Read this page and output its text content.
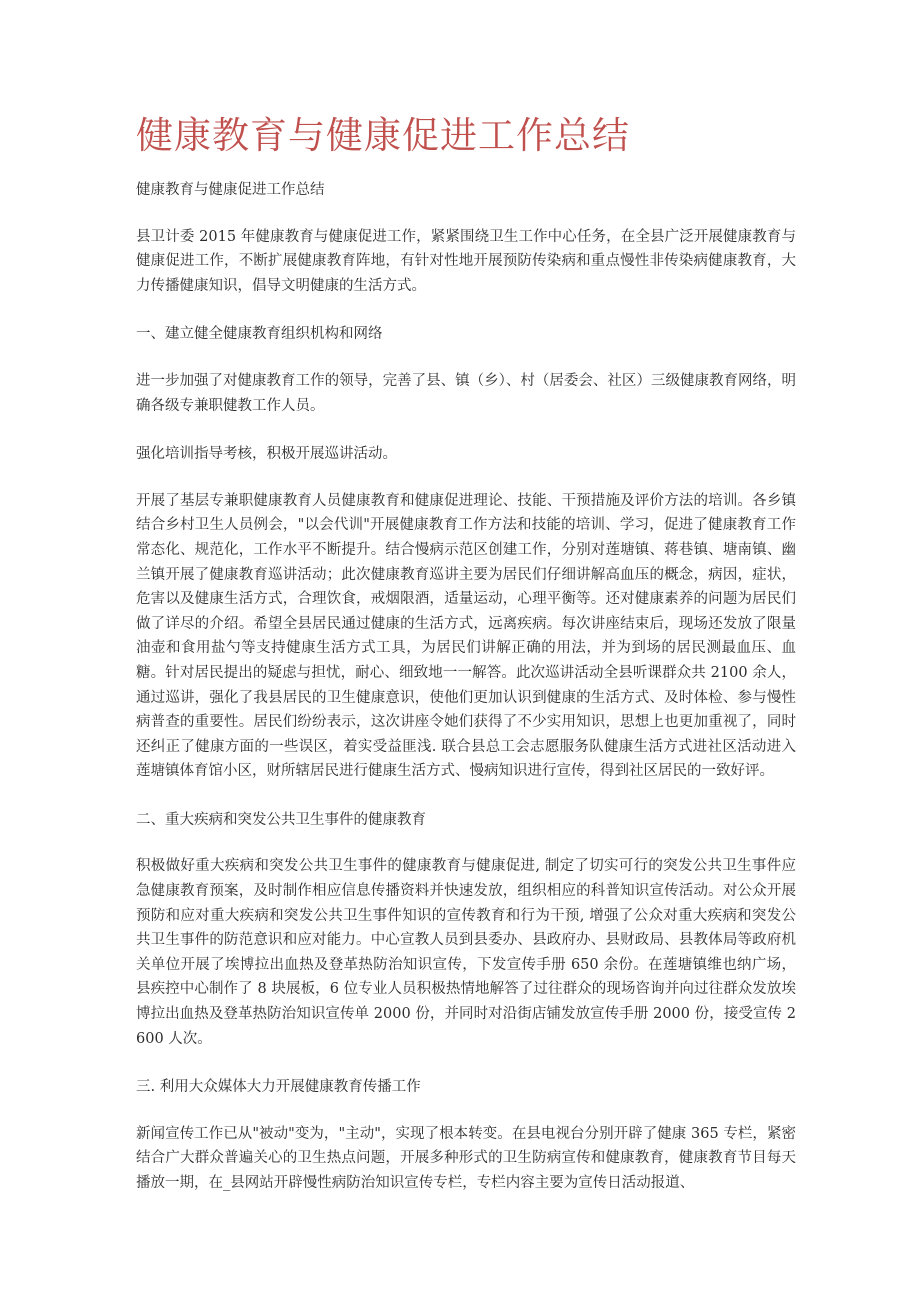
健康教育与健康促进工作总结

健康教育与健康促进工作总结

县卫计委 2015 年健康教育与健康促进工作，紧紧围绕卫生工作中心任务，在全县广泛开展健康教育与健康促进工作，不断扩展健康教育阵地，有针对性地开展预防传染病和重点慢性非传染病健康教育，大力传播健康知识，倡导文明健康的生活方式。

一、建立健全健康教育组织机构和网络

进一步加强了对健康教育工作的领导，完善了县、镇（乡）、村（居委会、社区）三级健康教育网络，明确各级专兼职健教工作人员。

强化培训指导考核，积极开展巡讲活动。

开展了基层专兼职健康教育人员健康教育和健康促进理论、技能、干预措施及评价方法的培训。各乡镇结合乡村卫生人员例会，"以会代训"开展健康教育工作方法和技能的培训、学习，促进了健康教育工作常态化、规范化，工作水平不断提升。结合慢病示范区创建工作，分别对莲塘镇、蒋巷镇、塘南镇、幽兰镇开展了健康教育巡讲活动；此次健康教育巡讲主要为居民们仔细讲解高血压的概念，病因，症状，危害以及健康生活方式，合理饮食，戒烟限酒，适量运动，心理平衡等。还对健康素养的问题为居民们做了详尽的介绍。希望全县居民通过健康的生活方式，远离疾病。每次讲座结束后，现场还发放了限量油壶和食用盐勺等支持健康生活方式工具，为居民们讲解正确的用法，并为到场的居民测最血压、血糖。针对居民提出的疑虑与担忧，耐心、细致地一一解答。此次巡讲活动全县听课群众共 2100 余人，通过巡讲，强化了我县居民的卫生健康意识，使他们更加认识到健康的生活方式、及时体检、参与慢性病普查的重要性。居民们纷纷表示，这次讲座令她们获得了不少实用知识，思想上也更加重视了，同时还纠正了健康方面的一些误区，着实受益匪浅. 联合县总工会志愿服务队健康生活方式进社区活动进入莲塘镇体育馆小区，财所辖居民进行健康生活方式、慢病知识进行宣传，得到社区居民的一致好评。

二、重大疾病和突发公共卫生事件的健康教育

积极做好重大疾病和突发公共卫生事件的健康教育与健康促进, 制定了切实可行的突发公共卫生事件应急健康教育预案，及时制作相应信息传播资料并快速发放，组织相应的科普知识宣传活动。对公众开展预防和应对重大疾病和突发公共卫生事件知识的宣传教育和行为干预, 增强了公众对重大疾病和突发公共卫生事件的防范意识和应对能力。中心宣教人员到县委办、县政府办、县财政局、县教体局等政府机关单位开展了埃博拉出血热及登革热防治知识宣传，下发宣传手册 650 余份。在莲塘镇维也纳广场，县疾控中心制作了 8 块展板，6 位专业人员积极热情地解答了过往群众的现场咨询并向过往群众发放埃博拉出血热及登革热防治知识宣传单 2000 份，并同时对沿街店铺发放宣传手册 2000 份，接受宣传 2600 人次。

三. 利用大众媒体大力开展健康教育传播工作

新闻宣传工作已从"被动"变为，"主动"，实现了根本转变。在县电视台分别开辟了健康 365 专栏，紧密结合广大群众普遍关心的卫生热点问题，开展多种形式的卫生防病宣传和健康教育，健康教育节目每天播放一期，在_县网站开辟慢性病防治知识宣传专栏，专栏内容主要为宣传日活动报道、
